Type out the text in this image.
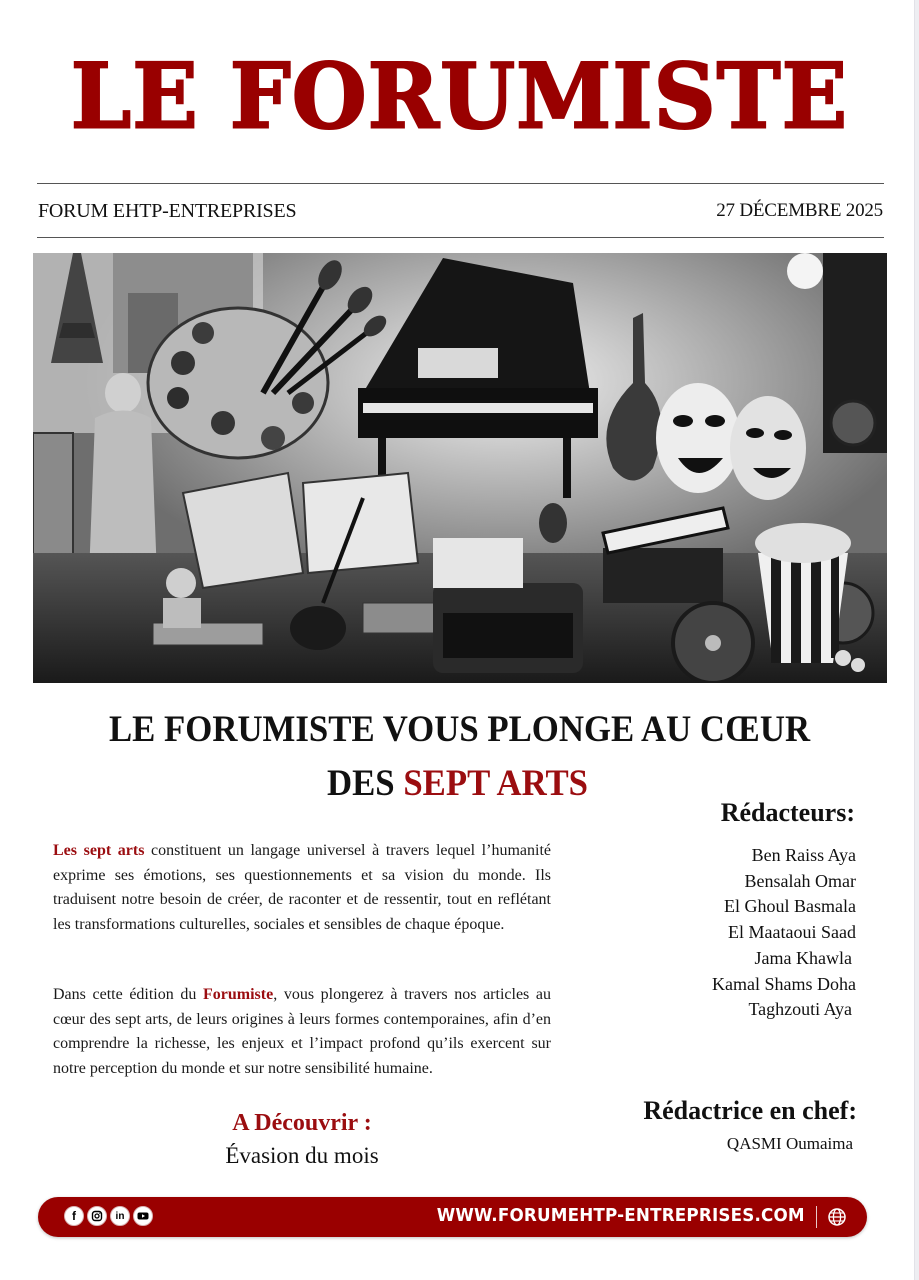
LE FORUMISTE
FORUM EHTP-ENTREPRISES	27 DÉCEMBRE 2025
LE FORUMISTE VOUS PLONGE AU CŒUR
DES SEPT ARTS

Les sept arts constituent un langage universel à travers lequel l’humanité exprime ses émotions, ses questionnements et sa vision du monde. Ils traduisent notre besoin de créer, de raconter et de ressentir, tout en reflétant les transformations culturelles, sociales et sensibles de chaque époque.

Dans cette édition du Forumiste, vous plongerez à travers nos articles au cœur des sept arts, de leurs origines à leurs formes contemporaines, afin d’en comprendre la richesse, les enjeux et l’impact profond qu’ils exercent sur notre perception du monde et sur notre sensibilité humaine.

A Découvrir :
Évasion du mois
Rédacteurs:
Ben Raiss Aya
Bensalah Omar
El Ghoul Basmala
El Maataoui Saad
Jama Khawla
Kamal Shams Doha
Taghzouti Aya
Rédactrice en chef:
QASMI Oumaima
f	in	WWW.FORUMEHTP-ENTREPRISES.COM
